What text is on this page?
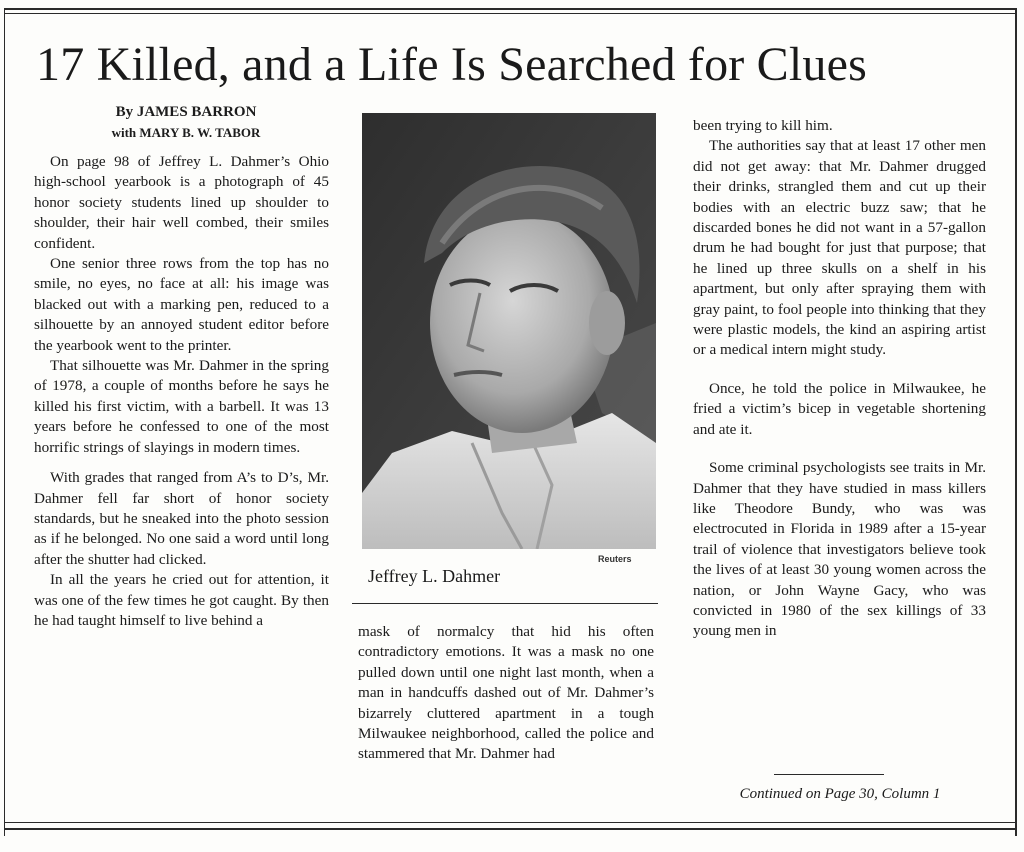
17 Killed, and a Life Is Searched for Clues
By JAMES BARRON
with MARY B. W. TABOR

On page 98 of Jeffrey L. Dahmer’s Ohio high-school yearbook is a photograph of 45 honor society students lined up shoulder to shoulder, their hair well combed, their smiles confident.

One senior three rows from the top has no smile, no eyes, no face at all: his image was blacked out with a marking pen, reduced to a silhouette by an annoyed student editor before the yearbook went to the printer.

That silhouette was Mr. Dahmer in the spring of 1978, a couple of months before he says he killed his first victim, with a barbell. It was 13 years before he confessed to one of the most horrific strings of slayings in modern times.

With grades that ranged from A’s to D’s, Mr. Dahmer fell far short of honor society standards, but he sneaked into the photo session as if he belonged. No one said a word until long after the shutter had clicked.

In all the years he cried out for attention, it was one of the few times he got caught. By then he had taught himself to live behind a

Reuters
Jeffrey L. Dahmer

mask of normalcy that hid his often contradictory emotions. It was a mask no one pulled down until one night last month, when a man in handcuffs dashed out of Mr. Dahmer’s bizarrely cluttered apartment in a tough Milwaukee neighborhood, called the police and stammered that Mr. Dahmer had

been trying to kill him.

The authorities say that at least 17 other men did not get away: that Mr. Dahmer drugged their drinks, strangled them and cut up their bodies with an electric buzz saw; that he discarded bones he did not want in a 57-gallon drum he had bought for just that purpose; that he lined up three skulls on a shelf in his apartment, but only after spraying them with gray paint, to fool people into thinking that they were plastic models, the kind an aspiring artist or a medical intern might study.

Once, he told the police in Milwaukee, he fried a victim’s bicep in vegetable shortening and ate it.

Some criminal psychologists see traits in Mr. Dahmer that they have studied in mass killers like Theodore Bundy, who was was electrocuted in Florida in 1989 after a 15-year trail of violence that investigators believe took the lives of at least 30 young women across the nation, or John Wayne Gacy, who was convicted in 1980 of the sex killings of 33 young men in

Continued on Page 30, Column 1
